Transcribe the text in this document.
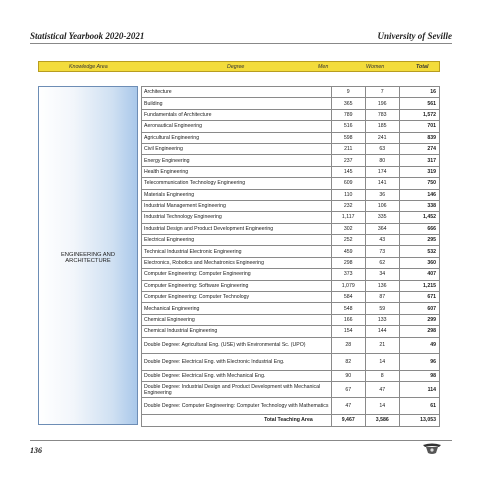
Statistical Yearbook 2020-2021	University of Seville
Knowledge Area	Degree	Men	Women	Total
ENGINEERING AND ARCHITECTURE
Architecture	9	7	16
Building	365	196	561
Fundamentals of Architecture	789	783	1,572
Aeronautical Engineering	516	185	701
Agricultural Engineering	598	241	839
Civil Engineering	211	63	274
Energy Engineering	237	80	317
Health Engineering	145	174	319
Telecommunication Technology Engineering	609	141	750
Materials Engineering	110	36	146
Industrial Management Engineering	232	106	338
Industrial Technology Engineering	1,117	335	1,452
Industrial Design and Product Development Engineering	302	364	666
Electrical Engineering	252	43	295
Technical Industrial Electronic Engineering	459	73	532
Electronics, Robotics and Mechatronics Engineering	298	62	360
Computer Engineering: Computer Engineering	373	34	407
Computer Engineering: Software Engineering	1,079	136	1,215
Computer Engineering: Computer Technology	584	87	671
Mechanical Engineering	548	59	607
Chemical Engineering	166	133	299
Chemical Industrial Engineering	154	144	298
Double Degree: Agricultural Eng. (USE) with Environmental Sc. (UPO)	28	21	49
Double Degree: Electrical Eng. with Electronic Industrial Eng.	82	14	96
Double Degree: Electrical Eng. with Mechanical Eng.	90	8	98
Double Degree: Industrial Design and Product Development with Mechanical Engineering	67	47	114
Double Degree: Computer Engineering: Computer Technology with Mathematics	47	14	61
Total Teaching Area	9,467	3,586	13,053
136
